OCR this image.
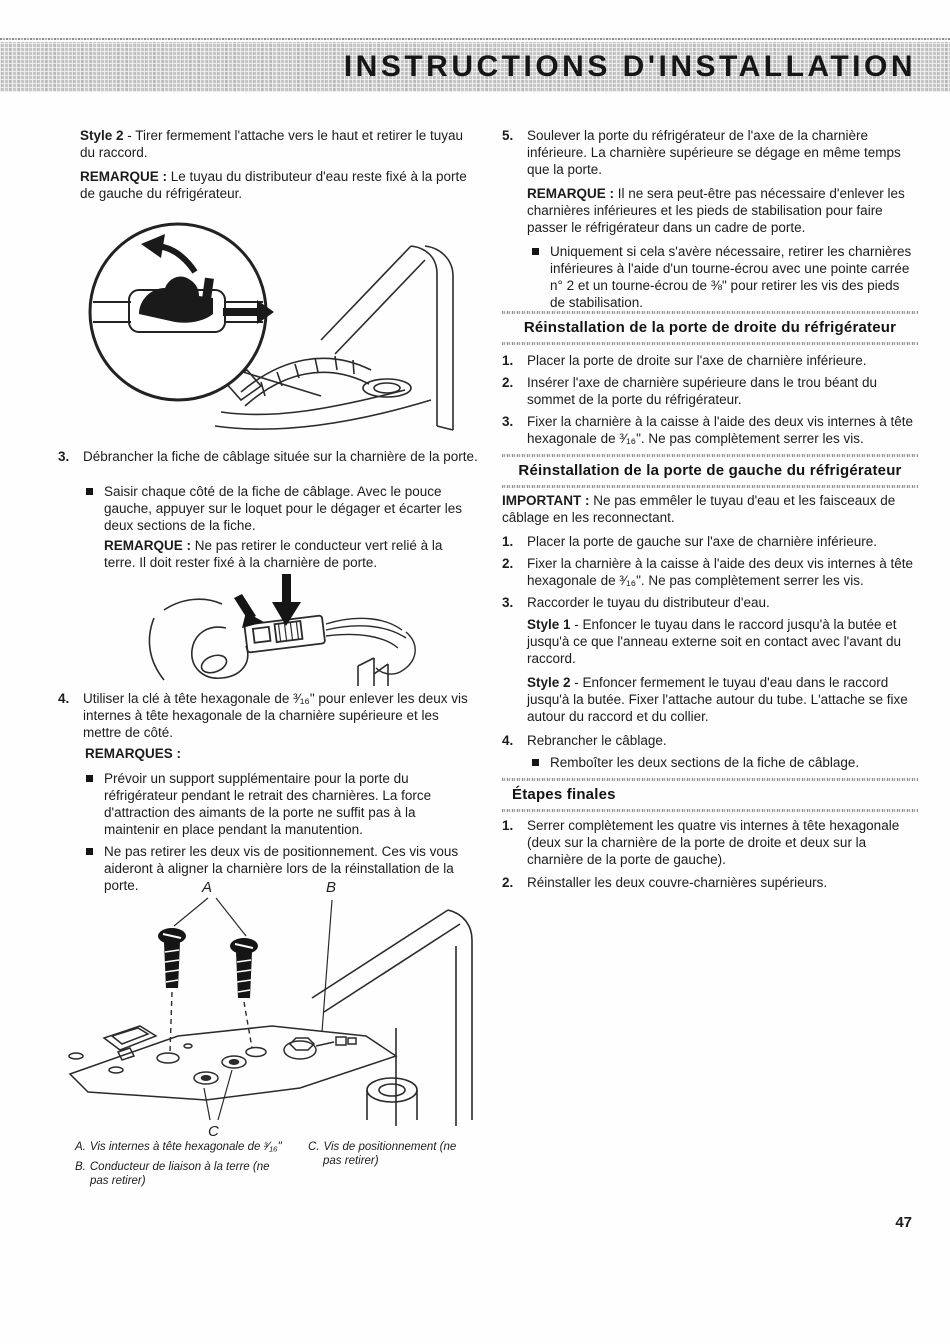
INSTRUCTIONS D'INSTALLATION

Style 2 - Tirer fermement l'attache vers le haut et retirer le tuyau du raccord.

REMARQUE : Le tuyau du distributeur d'eau reste fixé à la porte de gauche du réfrigérateur.

3. Débrancher la fiche de câblage située sur la charnière de la porte.
Saisir chaque côté de la fiche de câblage. Avec le pouce gauche, appuyer sur le loquet pour le dégager et écarter les deux sections de la fiche.

REMARQUE : Ne pas retirer le conducteur vert relié à la terre. Il doit rester fixé à la charnière de porte.

4. Utiliser la clé à tête hexagonale de ³⁄₁₆" pour enlever les deux vis internes à tête hexagonale de la charnière supérieure et les mettre de côté.

REMARQUES :

Prévoir un support supplémentaire pour la porte du réfrigérateur pendant le retrait des charnières. La force d'attraction des aimants de la porte ne suffit pas à la maintenir en place pendant la manutention.
Ne pas retirer les deux vis de positionnement. Ces vis vous aideront à aligner la charnière lors de la réinstallation de la porte.	A	B
C
A. Vis internes à tête hexagonale de ³⁄₁₆"
B. Conducteur de liaison à la terre (ne pas retirer)
C. Vis de positionnement (ne pas retirer)
5. Soulever la porte du réfrigérateur de l'axe de la charnière inférieure. La charnière supérieure se dégage en même temps que la porte.

REMARQUE : Il ne sera peut-être pas nécessaire d'enlever les charnières inférieures et les pieds de stabilisation pour faire passer le réfrigérateur dans un cadre de porte.

Uniquement si cela s'avère nécessaire, retirer les charnières inférieures à l'aide d'un tourne-écrou avec une pointe carrée n° 2 et un tourne-écrou de ⅜" pour retirer les vis des pieds de stabilisation.
Réinstallation de la porte de droite du réfrigérateur
1. Placer la porte de droite sur l'axe de charnière inférieure.
2. Insérer l'axe de charnière supérieure dans le trou béant du sommet de la porte du réfrigérateur.
3. Fixer la charnière à la caisse à l'aide des deux vis internes à tête hexagonale de ³⁄₁₆". Ne pas complètement serrer les vis.
Réinstallation de la porte de gauche du réfrigérateur

IMPORTANT : Ne pas emmêler le tuyau d'eau et les faisceaux de câblage en les reconnectant.

1. Placer la porte de gauche sur l'axe de charnière inférieure.
2. Fixer la charnière à la caisse à l'aide des deux vis internes à tête hexagonale de ³⁄₁₆". Ne pas complètement serrer les vis.
3. Raccorder le tuyau du distributeur d'eau.

Style 1 - Enfoncer le tuyau dans le raccord jusqu'à la butée et jusqu'à ce que l'anneau externe soit en contact avec l'avant du raccord.

Style 2 - Enfoncer fermement le tuyau d'eau dans le raccord jusqu'à la butée. Fixer l'attache autour du tube. L'attache se fixe autour du raccord et du collier.

4. Rebrancher le câblage.
Remboîter les deux sections de la fiche de câblage.
Étapes finales
1. Serrer complètement les quatre vis internes à tête hexagonale (deux sur la charnière de la porte de droite et deux sur la charnière de la porte de gauche).
2. Réinstaller les deux couvre-charnières supérieurs.
47
